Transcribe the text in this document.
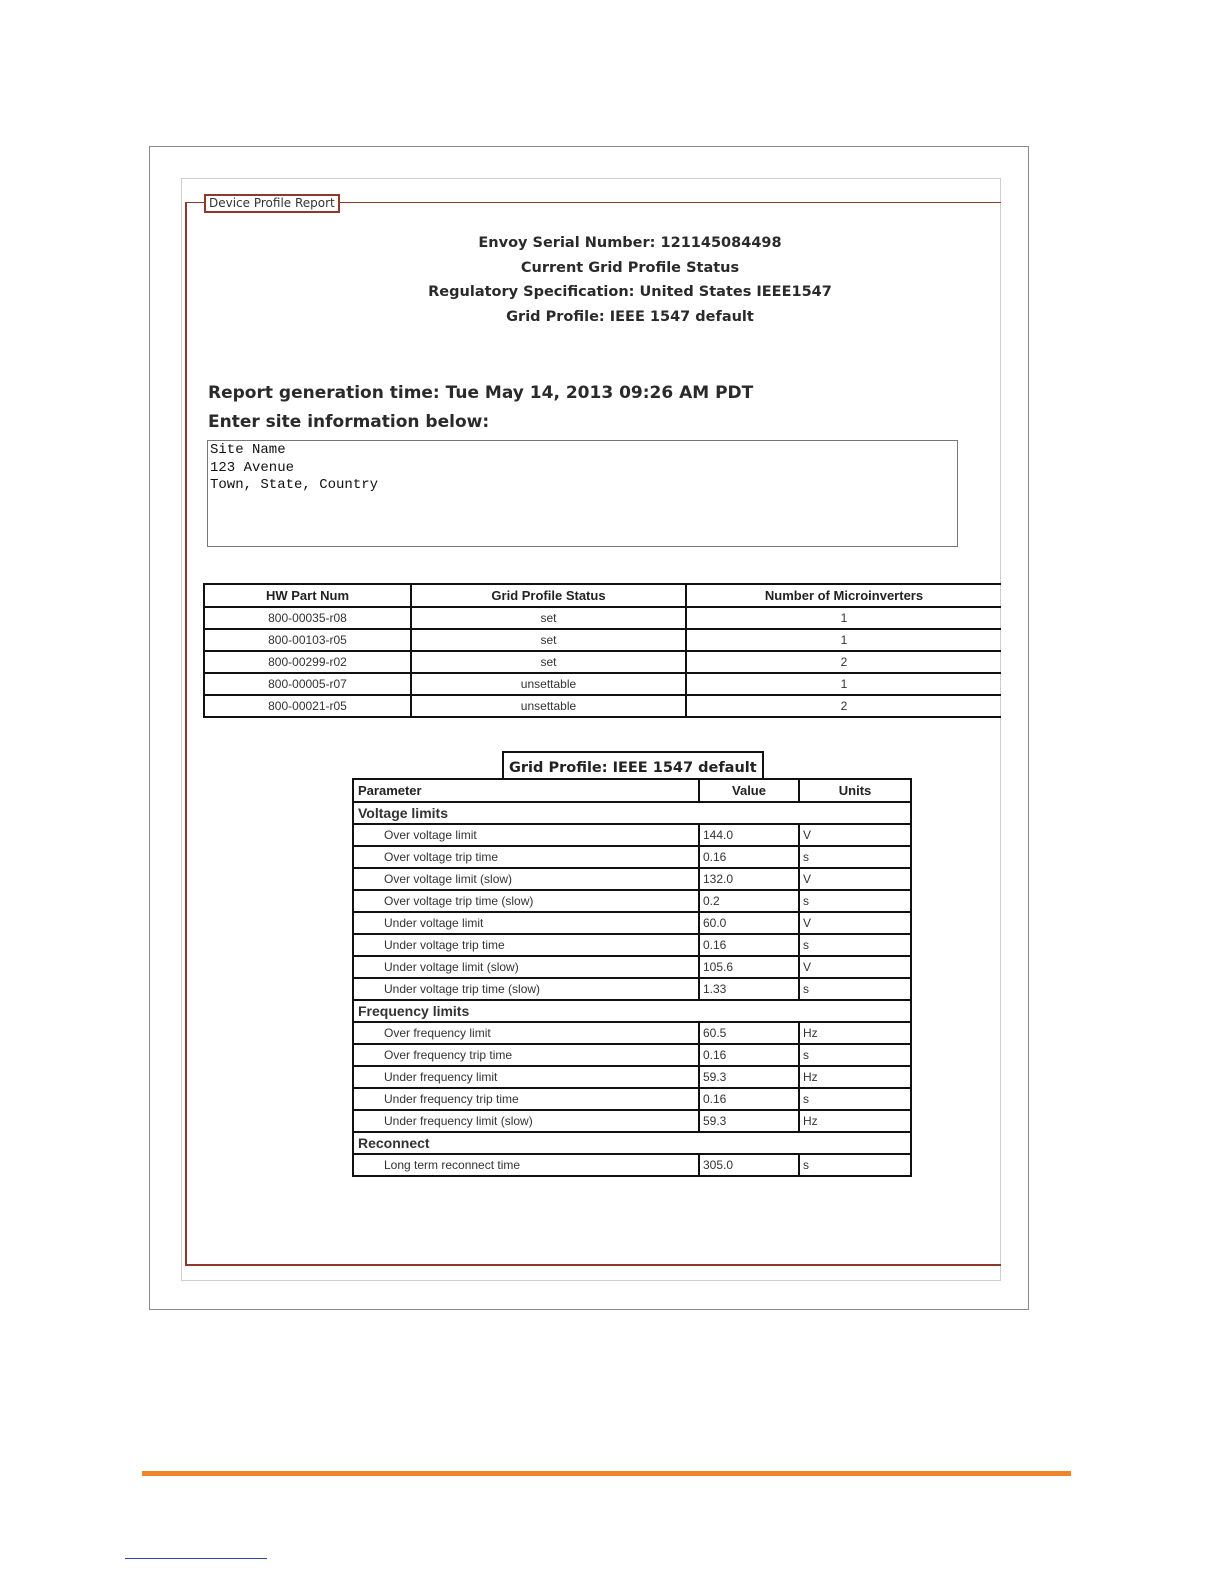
Device Profile Report
Envoy Serial Number: 121145084498
Current Grid Profile Status
Regulatory Specification: United States IEEE1547
Grid Profile: IEEE 1547 default
Report generation time: Tue May 14, 2013 09:26 AM PDT
Enter site information below:
Site Name
123 Avenue
Town, State, Country
HW Part Num	Grid Profile Status	Number of Microinverters
800-00035-r08	set	1
800-00103-r05	set	1
800-00299-r02	set	2
800-00005-r07	unsettable	1
800-00021-r05	unsettable	2
Grid Profile: IEEE 1547 default
Parameter	Value	Units
Voltage limits		
Over voltage limit	144.0	V
Over voltage trip time	0.16	s
Over voltage limit (slow)	132.0	V
Over voltage trip time (slow)	0.2	s
Under voltage limit	60.0	V
Under voltage trip time	0.16	s
Under voltage limit (slow)	105.6	V
Under voltage trip time (slow)	1.33	s
Frequency limits		
Over frequency limit	60.5	Hz
Over frequency trip time	0.16	s
Under frequency limit	59.3	Hz
Under frequency trip time	0.16	s
Under frequency limit (slow)	59.3	Hz
Reconnect		
Long term reconnect time	305.0	s
